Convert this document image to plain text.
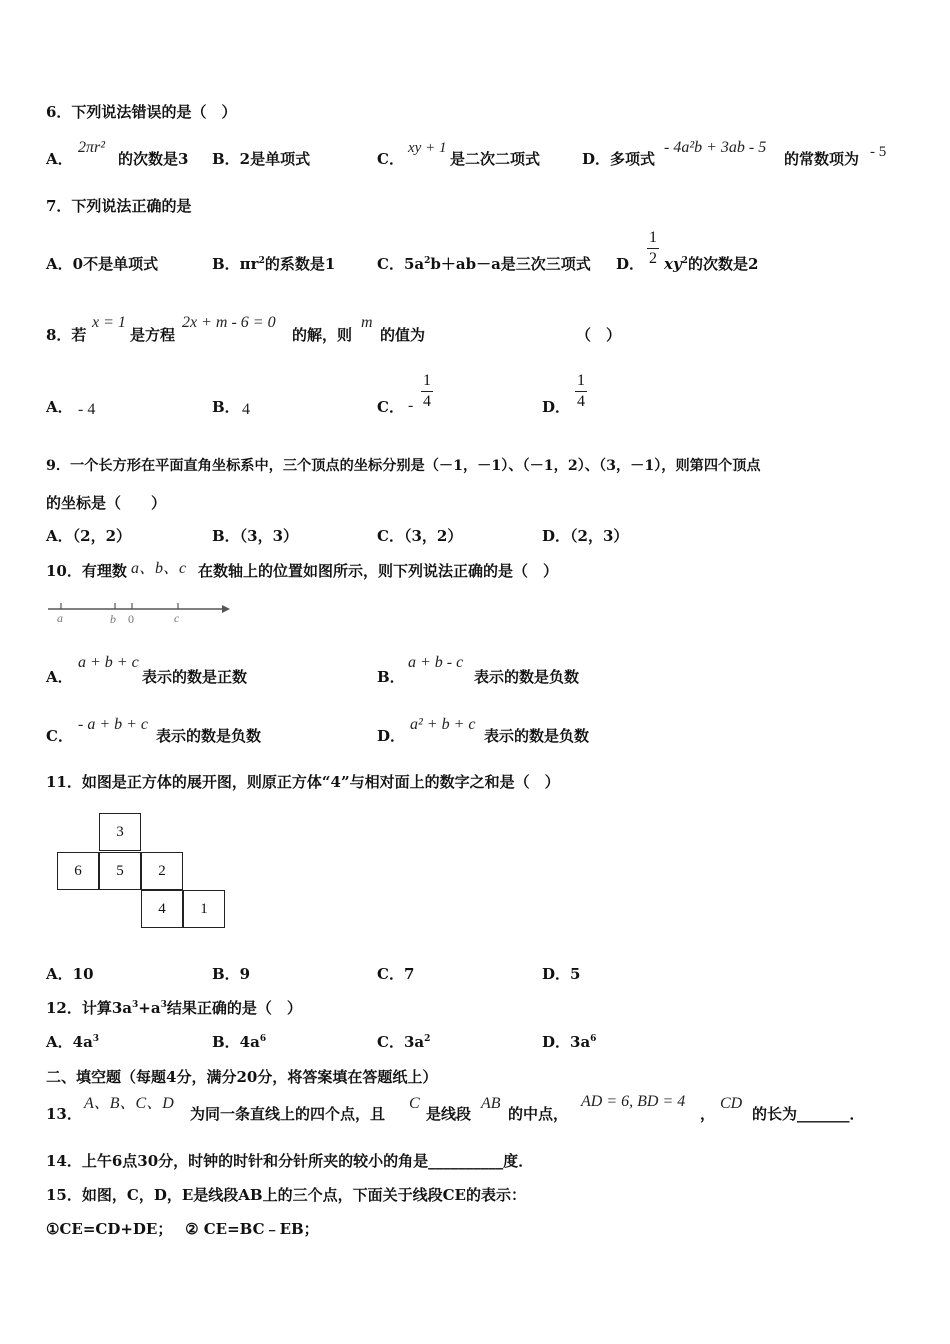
6．下列说法错误的是（　）
A．
2πr²
的次数是3 B．2是单项式	C．
xy + 1
是二次二项式	D．多项式
- 4a²b + 3ab - 5
的常数项为 - 5
7．下列说法正确的是
A．0不是单项式	B．$\pi r^2$的系数是1	C．$5a^2b+ab-a$是三次三项式 D．
1
2 $xy^2$的次数是2
8．若
x = 1
是方程
2x + m - 6 = 0
的解，则
m
的值为	（　）
A． - 4	B． 4	C． -
1
4	D．
1
4
9．一个长方形在平面直角坐标系中，三个顶点的坐标分别是（－1，－1）、（－1，2）、（3，－1），则第四个顶点
的坐标是（　　）
A．（2，2）	B．（3，3）	C．（3，2）	D．（2，3）
10．有理数 a、b、c 在数轴上的位置如图所示，则下列说法正确的是（　）
a	b 0	c
A．
a + b + c
表示的数是正数	B．
a + b - c
表示的数是负数
C．
- a + b + c
表示的数是负数	D．
a² + b + c
表示的数是负数
11．如图是正方体的展开图，则原正方体“4”与相对面上的数字之和是（　）
3
6	5	2
4	1
A．10	B．9	C．7	D．5
12．计算$3a^3+a^3$结果正确的是（　）
A．$4a^3$	B．$4a^6$	C．$3a^2$	D．$3a^6$
二、填空题（每题4分，满分20分，将答案填在答题纸上）
13．
A、B、C、D
为同一条直线上的四个点，且
C
是线段
AB
的中点，
AD = 6, BD = 4
，
CD
的长为_______．
14．上午6点30分，时钟的时针和分针所夹的较小的角是__________度．
15．如图，C，D，E是线段AB上的三个点，下面关于线段CE的表示：
①CE=CD+DE；　 ② CE=BC﹣EB；
